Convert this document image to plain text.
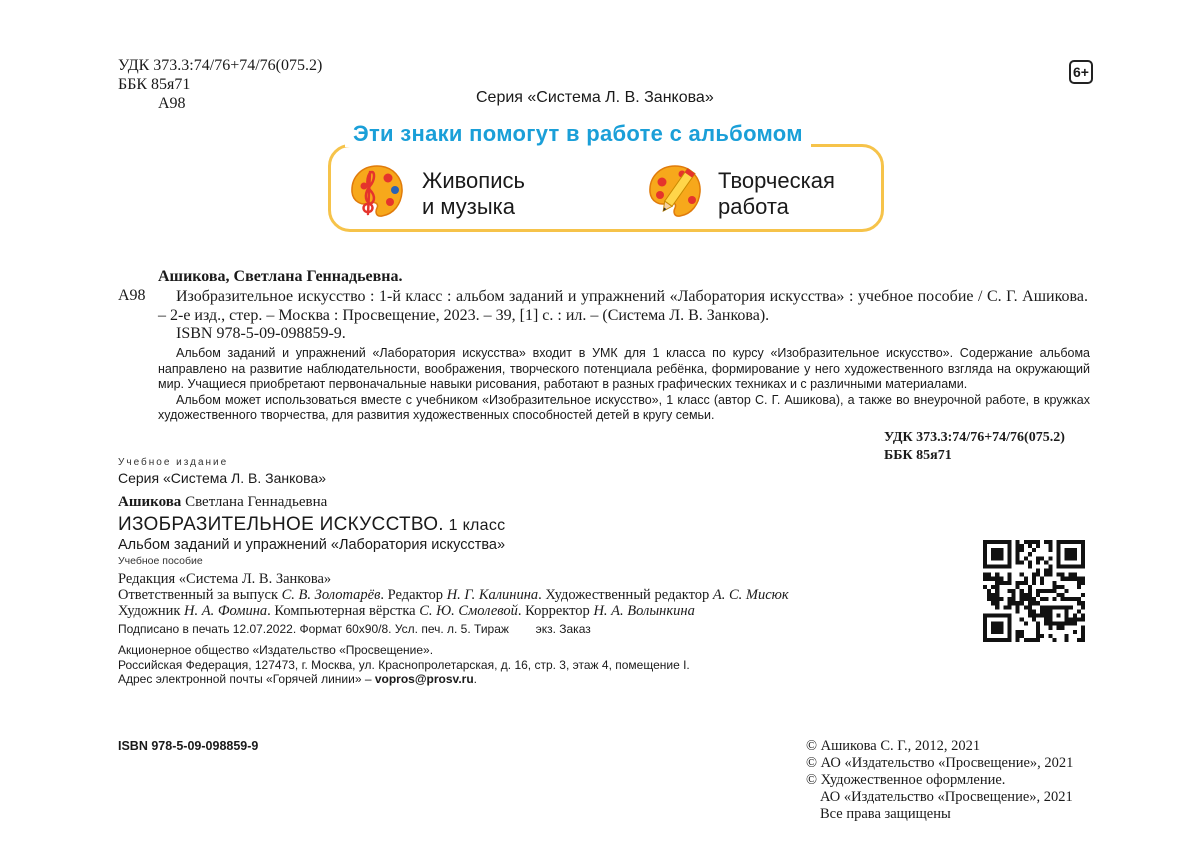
УДК 373.3:74/76+74/76(075.2)
ББК 85я71
А98
6+
Серия «Система Л. В. Занкова»
Эти знаки помогут в работе с альбомом
Живопись
и музыка
Творческая
работа
Ашикова, Светлана Геннадьевна.
А98	Изобразительное искусство : 1-й класс : альбом заданий и упражнений «Лаборатория искусства» : учебное пособие / С. Г. Ашикова. – 2-е изд., стер. – Москва : Просвещение, 2023. – 39, [1] с. : ил. – (Система Л. В. Занкова).
ISBN 978-5-09-098859-9.
Альбом заданий и упражнений «Лаборатория искусства» входит в УМК для 1 класса по курсу «Изобразительное искусство». Содержание альбома направлено на развитие наблюдательности, воображения, творческого потенциала ребёнка, формирование у него художественного взгляда на окружающий мир. Учащиеся приобретают первоначальные навыки рисования, работают в разных графических техниках и с различными материалами.
Альбом может использоваться вместе с учебником «Изобразительное искусство», 1 класс (автор С. Г. Ашикова), а также во внеурочной работе, в кружках художественного творчества, для развития художественных способностей детей в кругу семьи.
УДК 373.3:74/76+74/76(075.2)
ББК 85я71
Учебное издание
Серия «Система Л. В. Занкова»
Ашикова Светлана Геннадьевна
ИЗОБРАЗИТЕЛЬНОЕ ИСКУССТВО. 1 класс
Альбом заданий и упражнений «Лаборатория искусства»
Учебное пособие
Редакция «Система Л. В. Занкова»
Ответственный за выпуск С. В. Золотарёв. Редактор Н. Г. Калинина. Художественный редактор А. С. Мисюк
Художник Н. А. Фомина. Компьютерная вёрстка С. Ю. Смолевой. Корректор Н. А. Волынкина
Подписано в печать 12.07.2022. Формат 60x90/8. Усл. печ. л. 5. Тираж        экз. Заказ
Акционерное общество «Издательство «Просвещение».
Российская Федерация, 127473, г. Москва, ул. Краснопролетарская, д. 16, стр. 3, этаж 4, помещение I.
Адрес электронной почты «Горячей линии» – vopros@prosv.ru.
ISBN 978-5-09-098859-9	© Ашикова С. Г., 2012, 2021
© АО «Издательство «Просвещение», 2021
© Художественное оформление.
АО «Издательство «Просвещение», 2021
Все права защищены
